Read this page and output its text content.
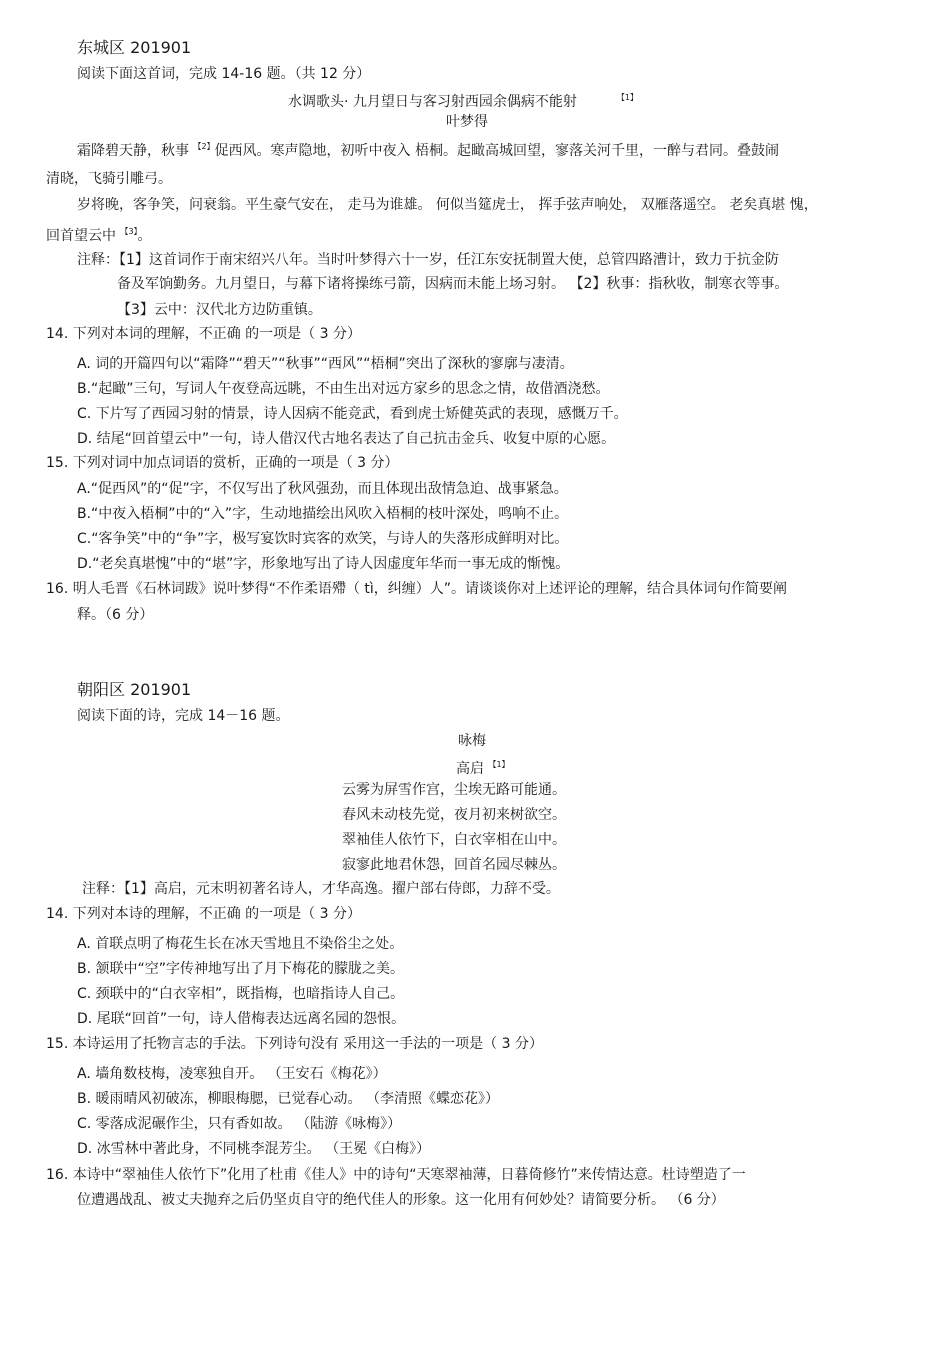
东城区 201901
阅读下面这首词，完成 14-16 题。（共 12 分）
水调歌头· 九月望日与客习射西园余偶病不能射	$^{【1】}$
叶梦得
霜降碧天静，秋事 $^{【2】}$促西风。寒声隐地，初听中夜入 梧桐。起瞰高城回望，寥落关河千里，一醉与君同。叠鼓闹
清晓，飞骑引雕弓。
岁将晚，客争笑，问衰翁。平生豪气安在， 走马为谁雄。 何似当筵虎士， 挥手弦声响处， 双雁落遥空。 老矣真堪 愧，
回首望云中 $^{【3】}$。
注释：【1】这首词作于南宋绍兴八年。当时叶梦得六十一岁，任江东安抚制置大使，总管四路漕计，致力于抗金防
备及军饷勤务。九月望日，与幕下诸将操练弓箭，因病而未能上场习射。 【2】秋事：指秋收，制寒衣等事。
【3】云中：汉代北方边防重镇。
14. 下列对本词的理解，不正确 的一项是（ 3 分）
A. 词的开篇四句以“霜降”“碧天”“秋事”“西风”“梧桐”突出了深秋的寥廓与凄清。
B.“起瞰”三句，写词人午夜登高远眺，不由生出对远方家乡的思念之情，故借酒浇愁。
C. 下片写了西园习射的情景，诗人因病不能竞武，看到虎士矫健英武的表现，感慨万千。
D. 结尾“回首望云中”一句，诗人借汉代古地名表达了自己抗击金兵、收复中原的心愿。
15. 下列对词中加点词语的赏析，正确的一项是（ 3 分）
A.“促西风”的“促”字，不仅写出了秋风强劲，而且体现出敌情急迫、战事紧急。
B.“中夜入梧桐”中的“入”字，生动地描绘出风吹入梧桐的枝叶深处，鸣响不止。
C.“客争笑”中的“争”字，极写宴饮时宾客的欢笑，与诗人的失落形成鲜明对比。
D.“老矣真堪愧”中的“堪”字，形象地写出了诗人因虚度年华而一事无成的惭愧。
16. 明人毛晋《石林词跋》说叶梦得“不作柔语殢（ tì，纠缠）人”。请谈谈你对上述评论的理解，结合具体词句作简要阐
释。（6 分）
朝阳区 201901
阅读下面的诗，完成 14－16 题。
咏梅
高启 $^{【1】}$
云雾为屏雪作宫，尘埃无路可能通。
春风未动枝先觉，夜月初来树欲空。
翠袖佳人依竹下，白衣宰相在山中。
寂寥此地君休怨，回首名园尽棘丛。
注释：【1】高启，元末明初著名诗人，才华高逸。擢户部右侍郎，力辞不受。
14. 下列对本诗的理解，不正确 的一项是（ 3 分）
A. 首联点明了梅花生长在冰天雪地且不染俗尘之处。
B. 颔联中“空”字传神地写出了月下梅花的朦胧之美。
C. 颈联中的“白衣宰相”，既指梅，也暗指诗人自己。
D. 尾联“回首”一句，诗人借梅表达远离名园的怨恨。
15. 本诗运用了托物言志的手法。下列诗句没有 采用这一手法的一项是（ 3 分）
A. 墙角数枝梅，凌寒独自开。 （王安石《梅花》）
B. 暖雨晴风初破冻，柳眼梅腮，已觉春心动。 （李清照《蝶恋花》）
C. 零落成泥碾作尘，只有香如故。 （陆游《咏梅》）
D. 冰雪林中著此身，不同桃李混芳尘。 （王冕《白梅》）
16. 本诗中“翠袖佳人依竹下”化用了杜甫《佳人》中的诗句“天寒翠袖薄，日暮倚修竹”来传情达意。杜诗塑造了一
位遭遇战乱、被丈夫抛弃之后仍坚贞自守的绝代佳人的形象。这一化用有何妙处？请简要分析。 （6 分）
